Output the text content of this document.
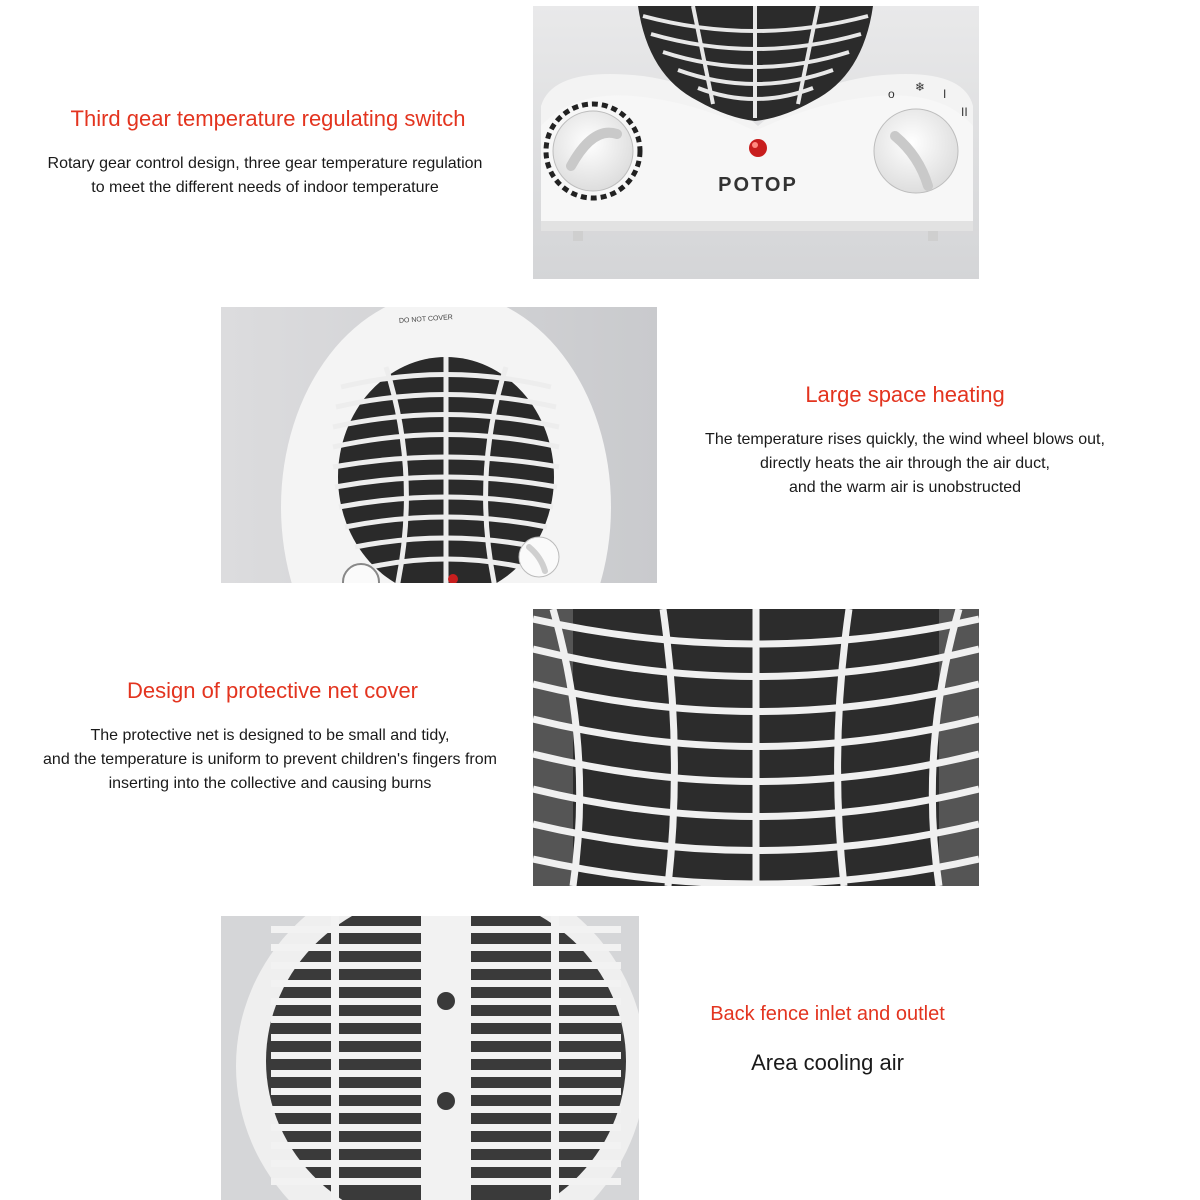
Third gear temperature regulating switch
Rotary gear control design, three gear temperature regulation
to meet the different needs of indoor temperature
o ❄ I
II
POTOP
DO NOT COVER
Large space heating
The temperature rises quickly, the wind wheel blows out,
directly heats the air through the air duct,
and the warm air is unobstructed
Design of protective net cover
The protective net is designed to be small and tidy,
and the temperature is uniform to prevent children's fingers from
inserting into the collective and causing burns
Back fence inlet and outlet
Area cooling air
